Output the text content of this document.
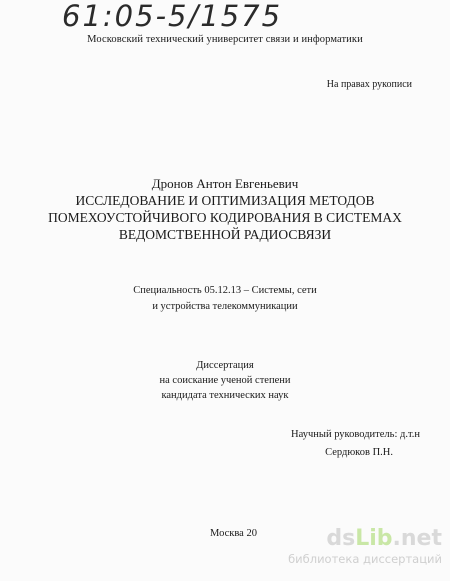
61:05-5/1575
Московский технический университет связи и информатики
На правах рукописи
Дронов Антон Евгеньевич
ИССЛЕДОВАНИЕ И ОПТИМИЗАЦИЯ МЕТОДОВ
ПОМЕХОУСТОЙЧИВОГО КОДИРОВАНИЯ В СИСТЕМАХ
ВЕДОМСТВЕННОЙ РАДИОСВЯЗИ
Специальность 05.12.13 – Системы, сети
и устройства телекоммуникации
Диссертация
на соискание ученой степени
кандидата технических наук
Научный руководитель: д.т.н
Сердюков П.Н.
Москва 20	dsLib.net
библиотека диссертаций
